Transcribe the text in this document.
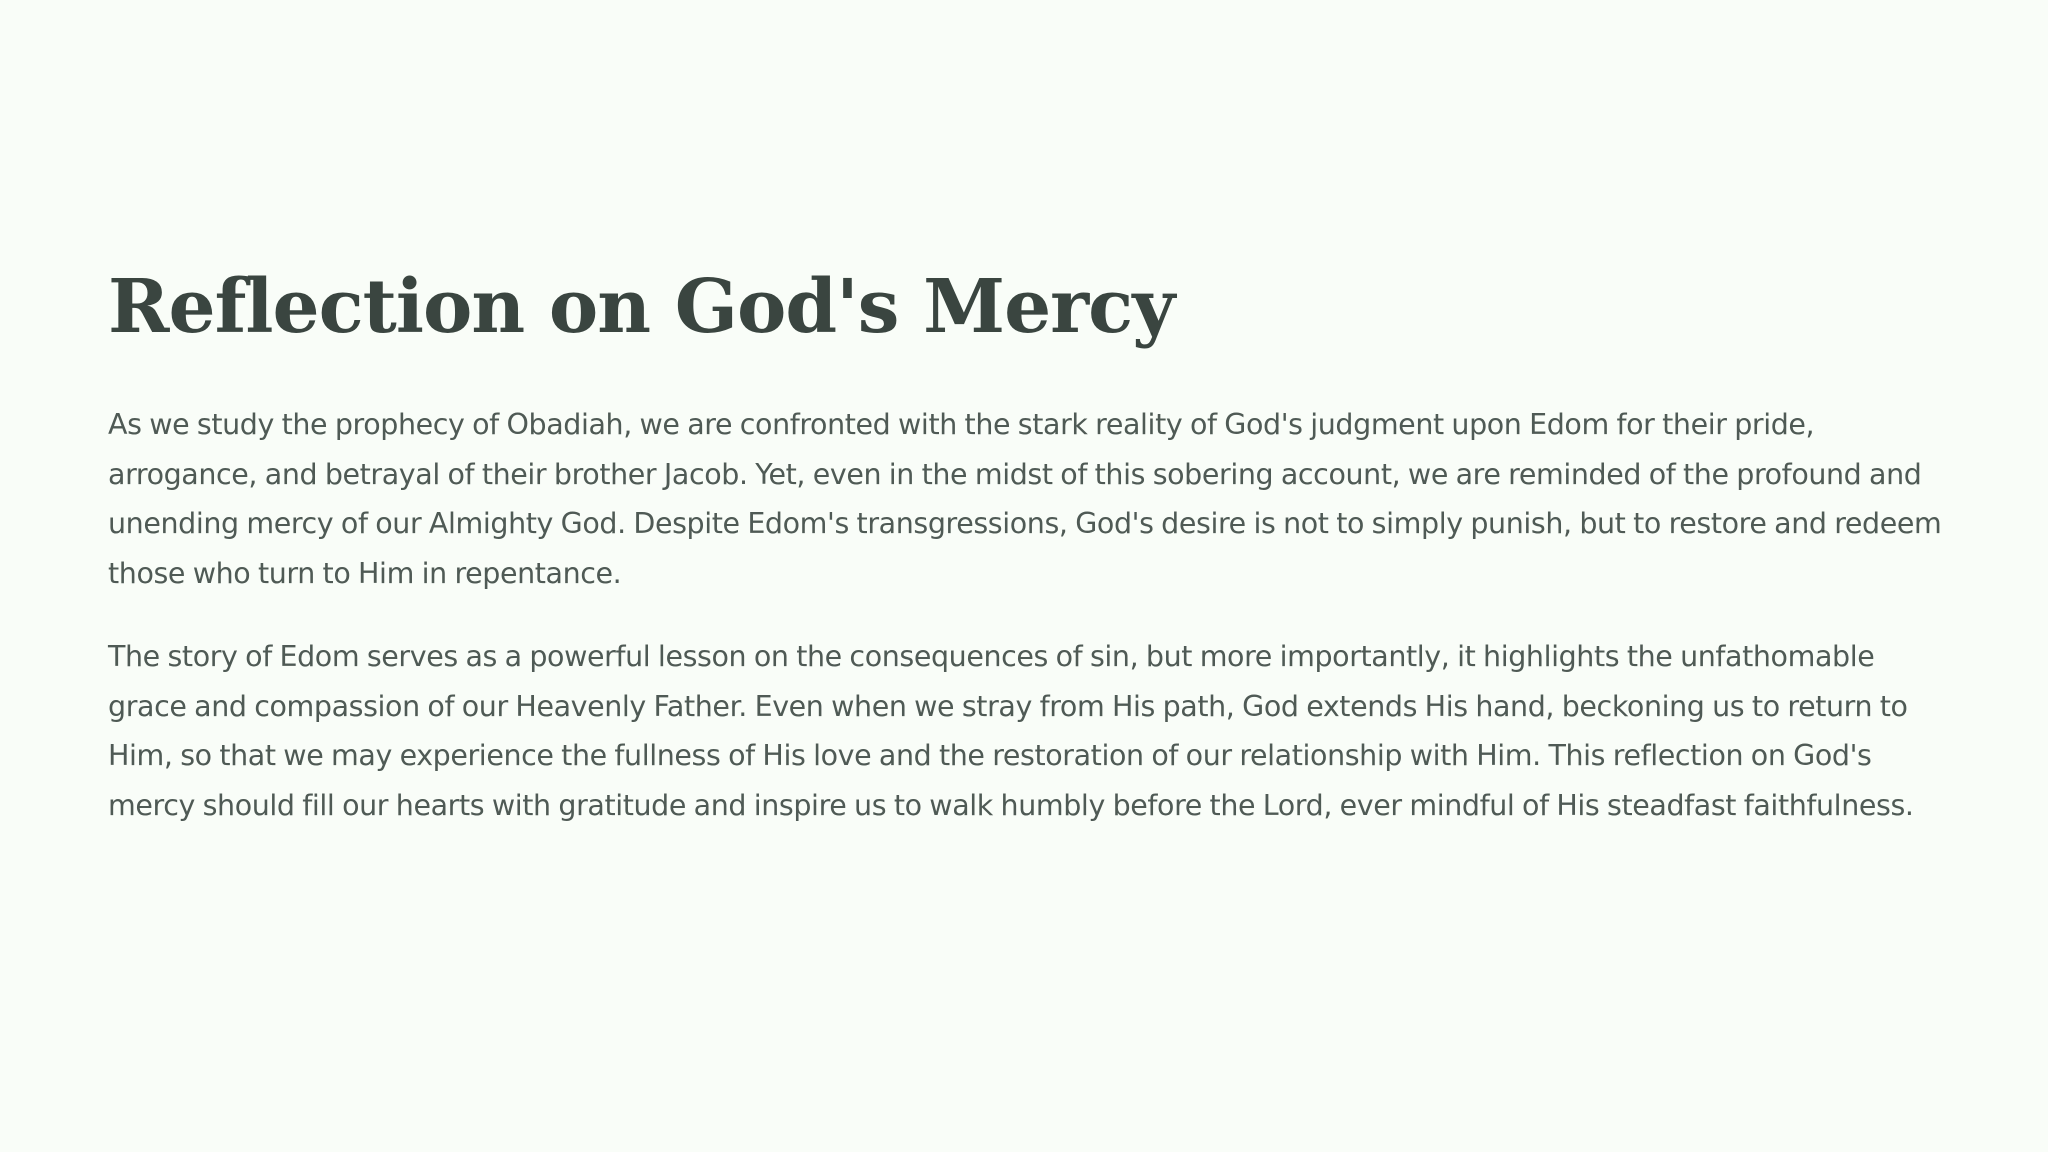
Reflection on God's Mercy

As we study the prophecy of Obadiah, we are confronted with the stark reality of God's judgment upon Edom for their pride, arrogance, and betrayal of their brother Jacob. Yet, even in the midst of this sobering account, we are reminded of the profound and unending mercy of our Almighty God. Despite Edom's transgressions, God's desire is not to simply punish, but to restore and redeem those who turn to Him in repentance.

The story of Edom serves as a powerful lesson on the consequences of sin, but more importantly, it highlights the unfathomable grace and compassion of our Heavenly Father. Even when we stray from His path, God extends His hand, beckoning us to return to Him, so that we may experience the fullness of His love and the restoration of our relationship with Him. This reflection on God's mercy should fill our hearts with gratitude and inspire us to walk humbly before the Lord, ever mindful of His steadfast faithfulness.
